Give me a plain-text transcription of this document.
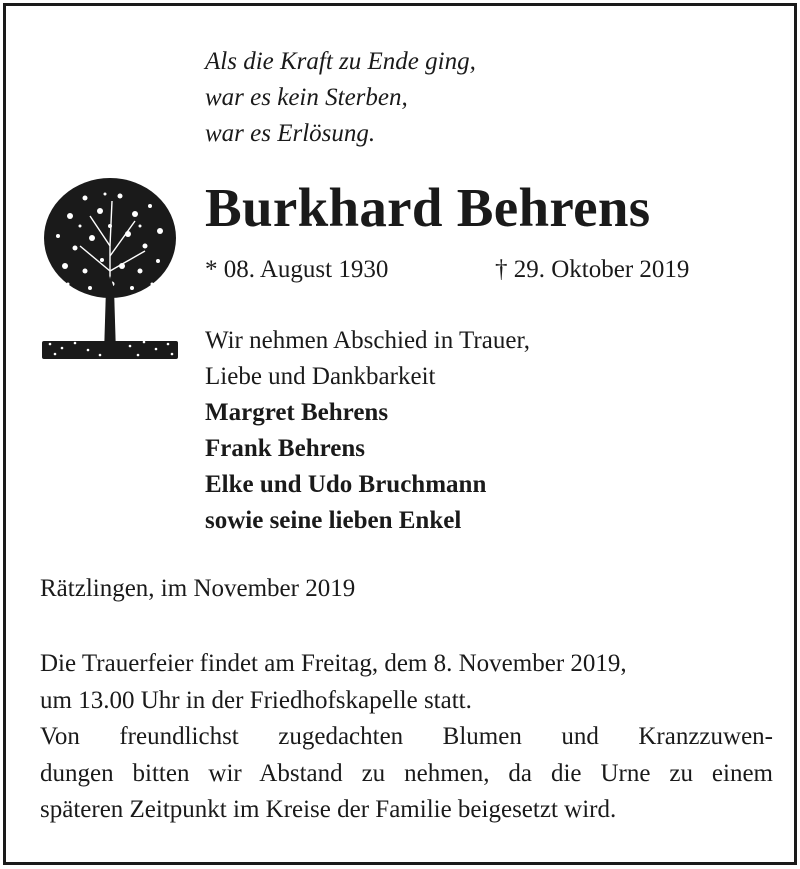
Als die Kraft zu Ende ging,
war es kein Sterben,
war es Erlösung.
Burkhard Behrens
* 08. August 1930	† 29. Oktober 2019
Wir nehmen Abschied in Trauer,
Liebe und Dankbarkeit
Margret Behrens
Frank Behrens
Elke und Udo Bruchmann
sowie seine lieben Enkel
Rätzlingen, im November 2019
Die Trauerfeier findet am Freitag, dem 8. November 2019,
um 13.00 Uhr in der Friedhofskapelle statt.
Von freundlichst zugedachten Blumen und Kranzzuwen-
dungen bitten wir Abstand zu nehmen, da die Urne zu einem
späteren Zeitpunkt im Kreise der Familie beigesetzt wird.
